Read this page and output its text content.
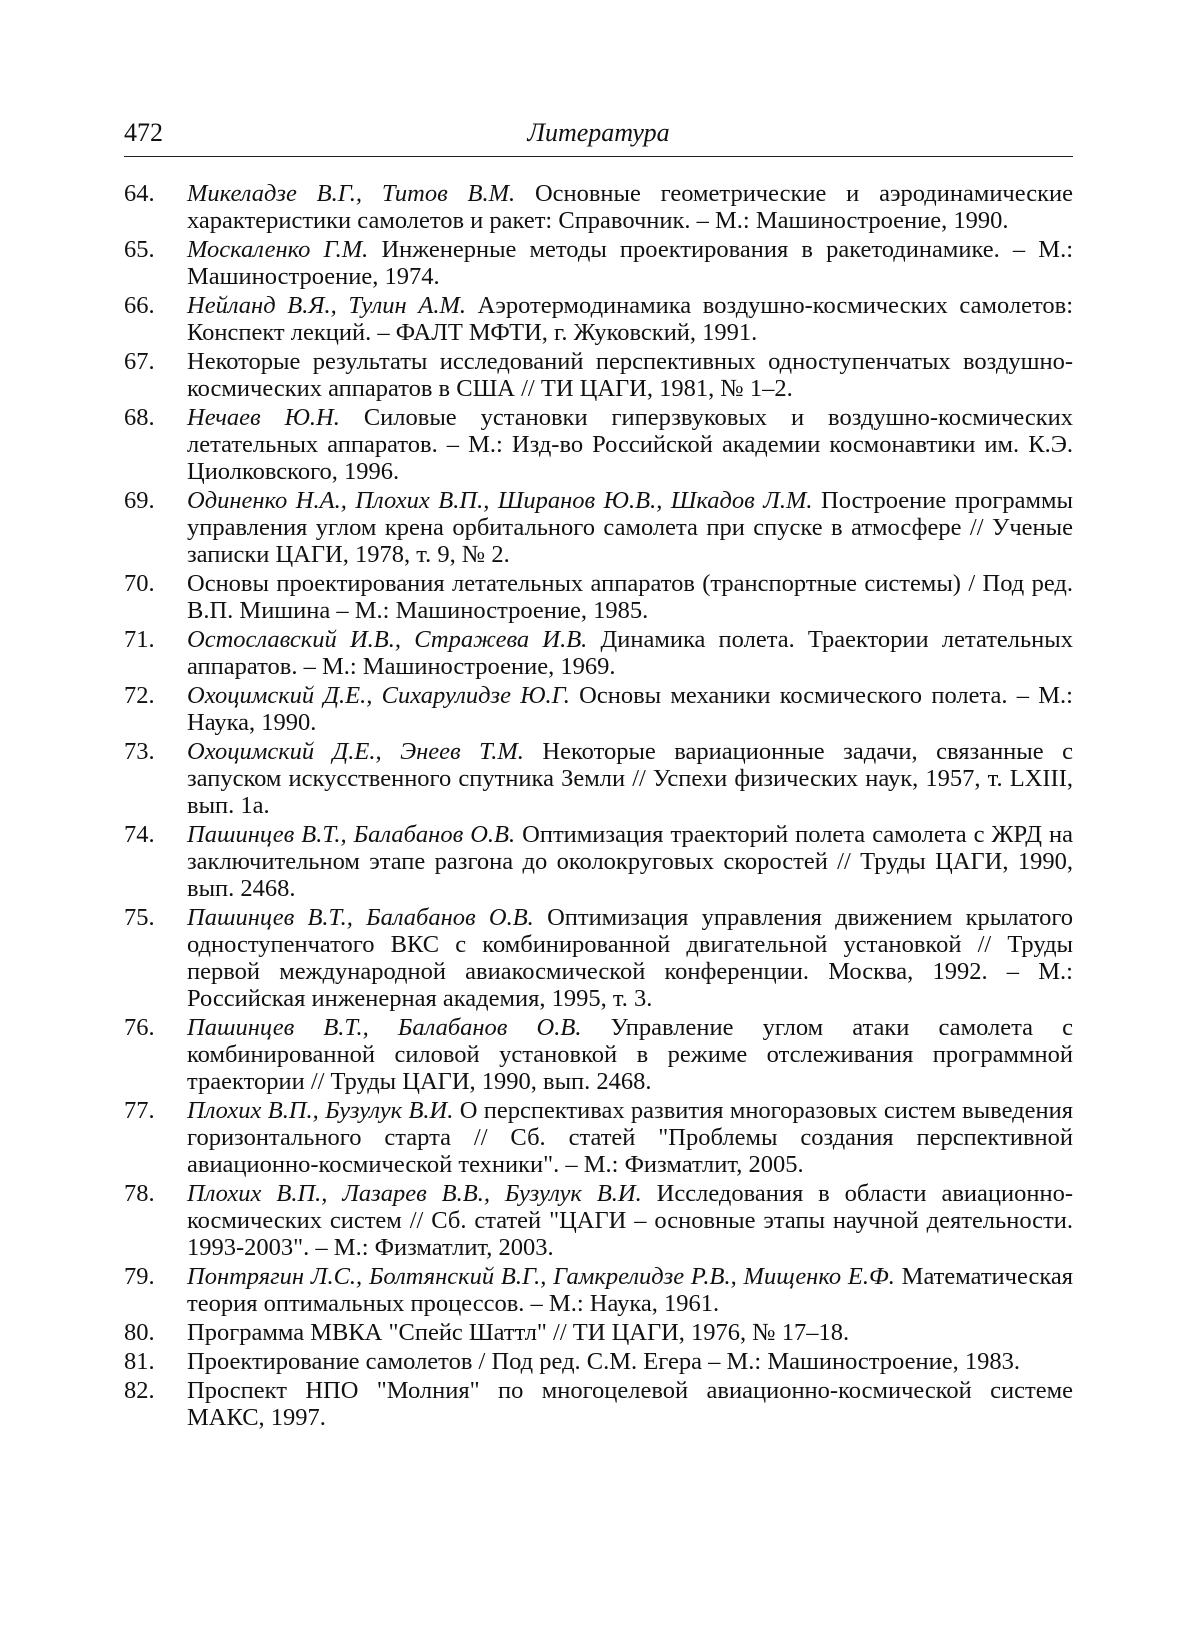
472	Литература
64. Микеладзе В.Г., Титов В.М. Основные геометрические и аэродинамические характеристики самолетов и ракет: Справочник. – М.: Машиностроение, 1990.
65. Москаленко Г.М. Инженерные методы проектирования в ракетодинамике. – М.: Машиностроение, 1974.
66. Нейланд В.Я., Тулин А.М. Аэротермодинамика воздушно-космических самолетов: Конспект лекций. – ФАЛТ МФТИ, г. Жуковский, 1991.
67. Некоторые результаты исследований перспективных одноступенчатых воздушно-космических аппаратов в США // ТИ ЦАГИ, 1981, № 1–2.
68. Нечаев Ю.Н. Силовые установки гиперзвуковых и воздушно-космических летательных аппаратов. – М.: Изд-во Российской академии космонавтики им. К.Э. Циолковского, 1996.
69. Одиненко Н.А., Плохих В.П., Ширанов Ю.В., Шкадов Л.М. Построение программы управления углом крена орбитального самолета при спуске в атмосфере // Ученые записки ЦАГИ, 1978, т. 9, № 2.
70. Основы проектирования летательных аппаратов (транспортные системы) / Под ред. В.П. Мишина – М.: Машиностроение, 1985.
71. Остославский И.В., Стражева И.В. Динамика полета. Траектории летательных аппаратов. – М.: Машиностроение, 1969.
72. Охоцимский Д.Е., Сихарулидзе Ю.Г. Основы механики космического полета. – М.: Наука, 1990.
73. Охоцимский Д.Е., Энеев Т.М. Некоторые вариационные задачи, связанные с запуском искусственного спутника Земли // Успехи физических наук, 1957, т. LXIII, вып. 1а.
74. Пашинцев В.Т., Балабанов О.В. Оптимизация траекторий полета самолета с ЖРД на заключительном этапе разгона до околокруговых скоростей // Труды ЦАГИ, 1990, вып. 2468.
75. Пашинцев В.Т., Балабанов О.В. Оптимизация управления движением крылатого одноступенчатого ВКС с комбинированной двигательной установкой // Труды первой международной авиакосмической конференции. Москва, 1992. – М.: Российская инженерная академия, 1995, т. 3.
76. Пашинцев В.Т., Балабанов О.В. Управление углом атаки самолета с комбинированной силовой установкой в режиме отслеживания программной траектории // Труды ЦАГИ, 1990, вып. 2468.
77. Плохих В.П., Бузулук В.И. О перспективах развития многоразовых систем выведения горизонтального старта // Сб. статей "Проблемы создания перспективной авиационно-космической техники". – М.: Физматлит, 2005.
78. Плохих В.П., Лазарев В.В., Бузулук В.И. Исследования в области авиационно-космических систем // Сб. статей "ЦАГИ – основные этапы научной деятельности. 1993-2003". – М.: Физматлит, 2003.
79. Понтрягин Л.С., Болтянский В.Г., Гамкрелидзе Р.В., Мищенко Е.Ф. Математическая теория оптимальных процессов. – М.: Наука, 1961.
80. Программа МВКА "Спейс Шаттл" // ТИ ЦАГИ, 1976, № 17–18.
81. Проектирование самолетов / Под ред. С.М. Егера – М.: Машиностроение, 1983.
82. Проспект НПО "Молния" по многоцелевой авиационно-космической системе МАКС, 1997.
